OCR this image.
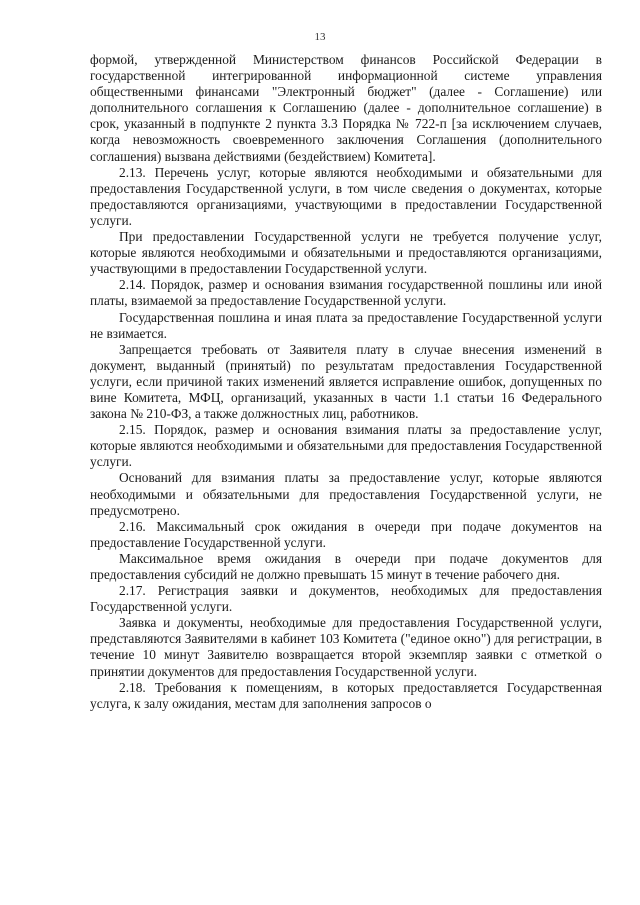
13

формой, утвержденной Министерством финансов Российской Федерации в государственной интегрированной информационной системе управления общественными финансами "Электронный бюджет" (далее - Соглашение) или дополнительного соглашения к Соглашению (далее - дополнительное соглашение) в срок, указанный в подпункте 2 пункта 3.3 Порядка № 722-п [за исключением случаев, когда невозможность своевременного заключения Соглашения (дополнительного соглашения) вызвана действиями (бездействием) Комитета].

2.13. Перечень услуг, которые являются необходимыми и обязательными для предоставления Государственной услуги, в том числе сведения о документах, которые предоставляются организациями, участвующими в предоставлении Государственной услуги.

При предоставлении Государственной услуги не требуется получение услуг, которые являются необходимыми и обязательными и предоставляются организациями, участвующими в предоставлении Государственной услуги.

2.14. Порядок, размер и основания взимания государственной пошлины или иной платы, взимаемой за предоставление Государственной услуги.

Государственная пошлина и иная плата за предоставление Государственной услуги не взимается.

Запрещается требовать от Заявителя плату в случае внесения изменений в документ, выданный (принятый) по результатам предоставления Государственной услуги, если причиной таких изменений является исправление ошибок, допущенных по вине Комитета, МФЦ, организаций, указанных в части 1.1 статьи 16 Федерального закона № 210-ФЗ, а также должностных лиц, работников.

2.15. Порядок, размер и основания взимания платы за предоставление услуг, которые являются необходимыми и обязательными для предоставления Государственной услуги.

Оснований для взимания платы за предоставление услуг, которые являются необходимыми и обязательными для предоставления Государственной услуги, не предусмотрено.

2.16. Максимальный срок ожидания в очереди при подаче документов на предоставление Государственной услуги.

Максимальное время ожидания в очереди при подаче документов для предоставления субсидий не должно превышать 15 минут в течение рабочего дня.

2.17. Регистрация заявки и документов, необходимых для предоставления Государственной услуги.

Заявка и документы, необходимые для предоставления Государственной услуги, представляются Заявителями в кабинет 103 Комитета ("единое окно") для регистрации, в течение 10 минут Заявителю возвращается второй экземпляр заявки с отметкой о принятии документов для предоставления Государственной услуги.

2.18. Требования к помещениям, в которых предоставляется Государственная услуга, к залу ожидания, местам для заполнения запросов о
